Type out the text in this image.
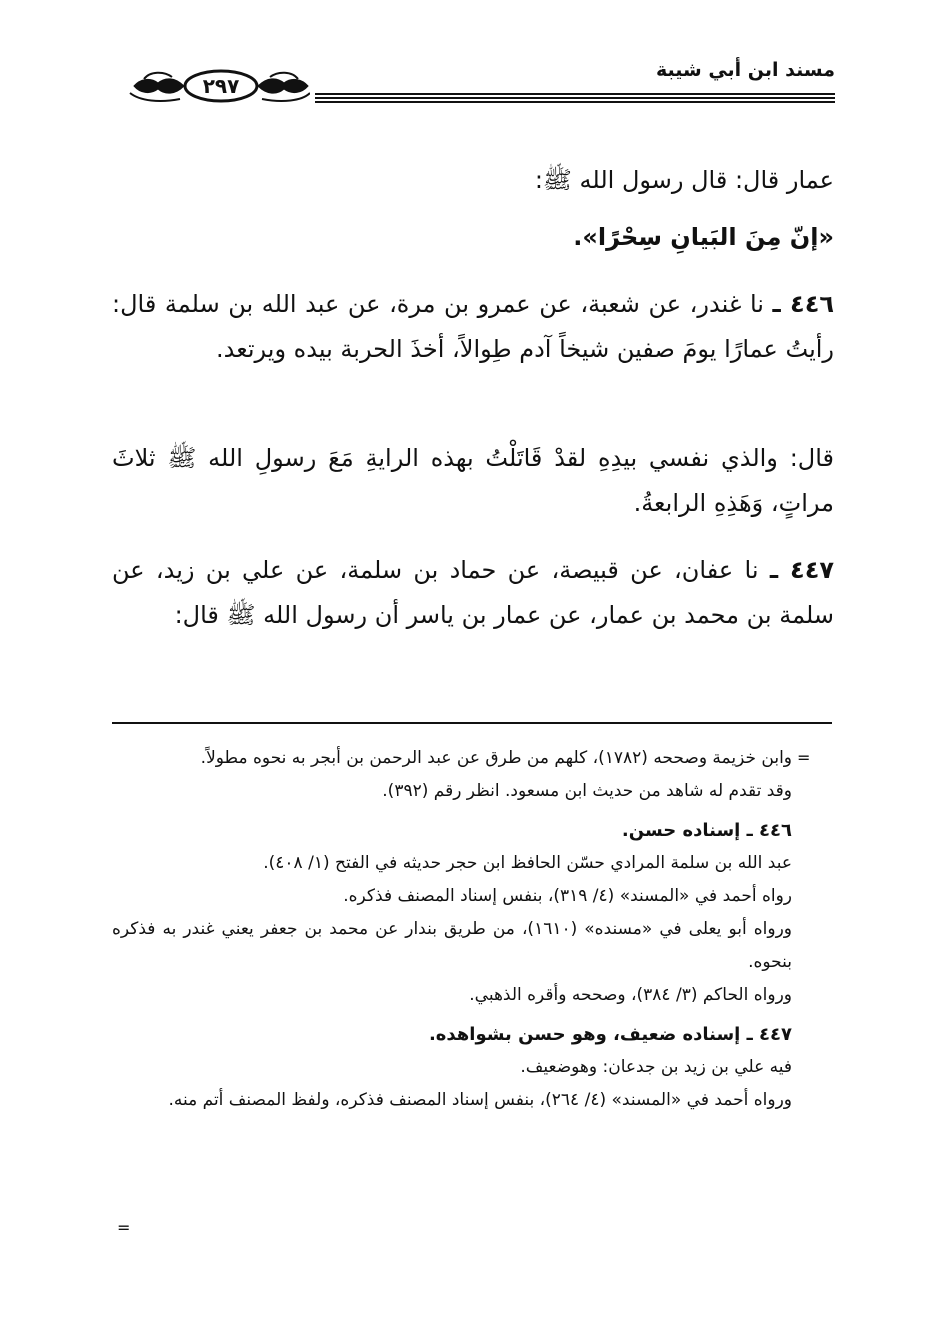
مسند ابن أبي شيبة
٢٩٧

عمار قال: قال رسول الله ﷺ:

«إنّ مِنَ البَيانِ سِحْرًا».

٤٤٦ ـ نا غندر، عن شعبة، عن عمرو بن مرة، عن عبد الله بن سلمة قال: رأيتُ عمارًا يومَ صفين شيخاً آدم طِوالاً، أخذَ الحربة بيده ويرتعد.

قال: والذي نفسي بيدِهِ لقدْ قَاتَلْتُ بهذه الرايةِ مَعَ رسولِ الله ﷺ ثلاثَ مراتٍ، وَهَذِهِ الرابعةُ.

٤٤٧ ـ نا عفان، عن قبيصة، عن حماد بن سلمة، عن علي بن زيد، عن سلمة بن محمد بن عمار، عن عمار بن ياسر أن رسول الله ﷺ قال:

=

وابن خزيمة وصححه (١٧٨٢)، كلهم من طرق عن عبد الرحمن بن أبجر به نحوه مطولاً.

وقد تقدم له شاهد من حديث ابن مسعود. انظر رقم (٣٩٢).

٤٤٦ ـ إسناده حسن.

عبد الله بن سلمة المرادي حسّن الحافظ ابن حجر حديثه في الفتح (١/ ٤٠٨).

رواه أحمد في «المسند» (٤/ ٣١٩)، بنفس إسناد المصنف فذكره.

ورواه أبو يعلى في «مسنده» (١٦١٠)، من طريق بندار عن محمد بن جعفر يعني غندر به فذكره بنحوه.

ورواه الحاكم (٣/ ٣٨٤)، وصححه وأقره الذهبي.

٤٤٧ ـ إسناده ضعيف، وهو حسن بشواهده.

فيه علي بن زيد بن جدعان: وهوضعيف.

ورواه أحمد في «المسند» (٤/ ٢٦٤)، بنفس إسناد المصنف فذكره، ولفظ المصنف أتم منه.

=
